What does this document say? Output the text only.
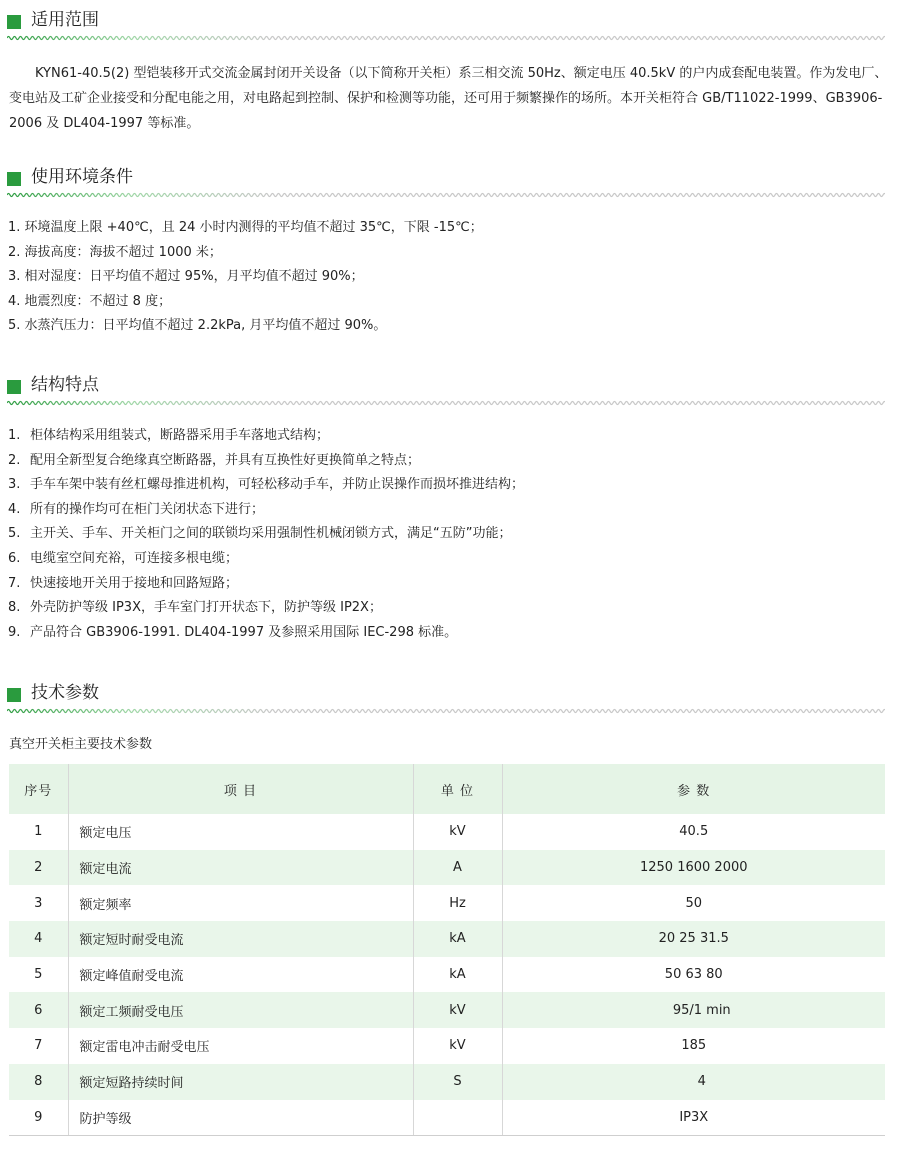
适用范围

KYN61-40.5(2) 型铠装移开式交流金属封闭开关设备（以下简称开关柜）系三相交流 50Hz、额定电压 40.5kV 的户内成套配电装置。作为发电厂、变电站及工矿企业接受和分配电能之用，对电路起到控制、保护和检测等功能，还可用于频繁操作的场所。本开关柜符合 GB/T11022-1999、GB3906-2006 及 DL404-1997 等标准。

使用环境条件
1. 环境温度上限 +40℃，且 24 小时内测得的平均值不超过 35℃，下限 -15℃；
2. 海拔高度：海拔不超过 1000 米；
3. 相对湿度：日平均值不超过 95%，月平均值不超过 90%；
4. 地震烈度：不超过 8 度；
5. 水蒸汽压力：日平均值不超过 2.2kPa, 月平均值不超过 90%。
结构特点
1. 柜体结构采用组装式，断路器采用手车落地式结构；
2. 配用全新型复合绝缘真空断路器，并具有互换性好更换简单之特点；
3. 手车车架中装有丝杠螺母推进机构，可轻松移动手车，并防止误操作而损坏推进结构；
4. 所有的操作均可在柜门关闭状态下进行；
5. 主开关、手车、开关柜门之间的联锁均采用强制性机械闭锁方式，满足“五防”功能；
6. 电缆室空间充裕，可连接多根电缆；
7. 快速接地开关用于接地和回路短路；
8. 外壳防护等级 IP3X，手车室门打开状态下，防护等级 IP2X；
9. 产品符合 GB3906-1991. DL404-1997 及参照采用国际 IEC-298 标准。
技术参数
真空开关柜主要技术参数
序号	项 目	单 位	参 数
1	额定电压	kV	40.5
2	额定电流	A	1250 1600 2000
3	额定频率	Hz	50
4	额定短时耐受电流	kA	20 25 31.5
5	额定峰值耐受电流	kA	50 63 80
6	额定工频耐受电压	kV	95/1 min
7	额定雷电冲击耐受电压	kV	185
8	额定短路持续时间	S	4
9	防护等级		IP3X
